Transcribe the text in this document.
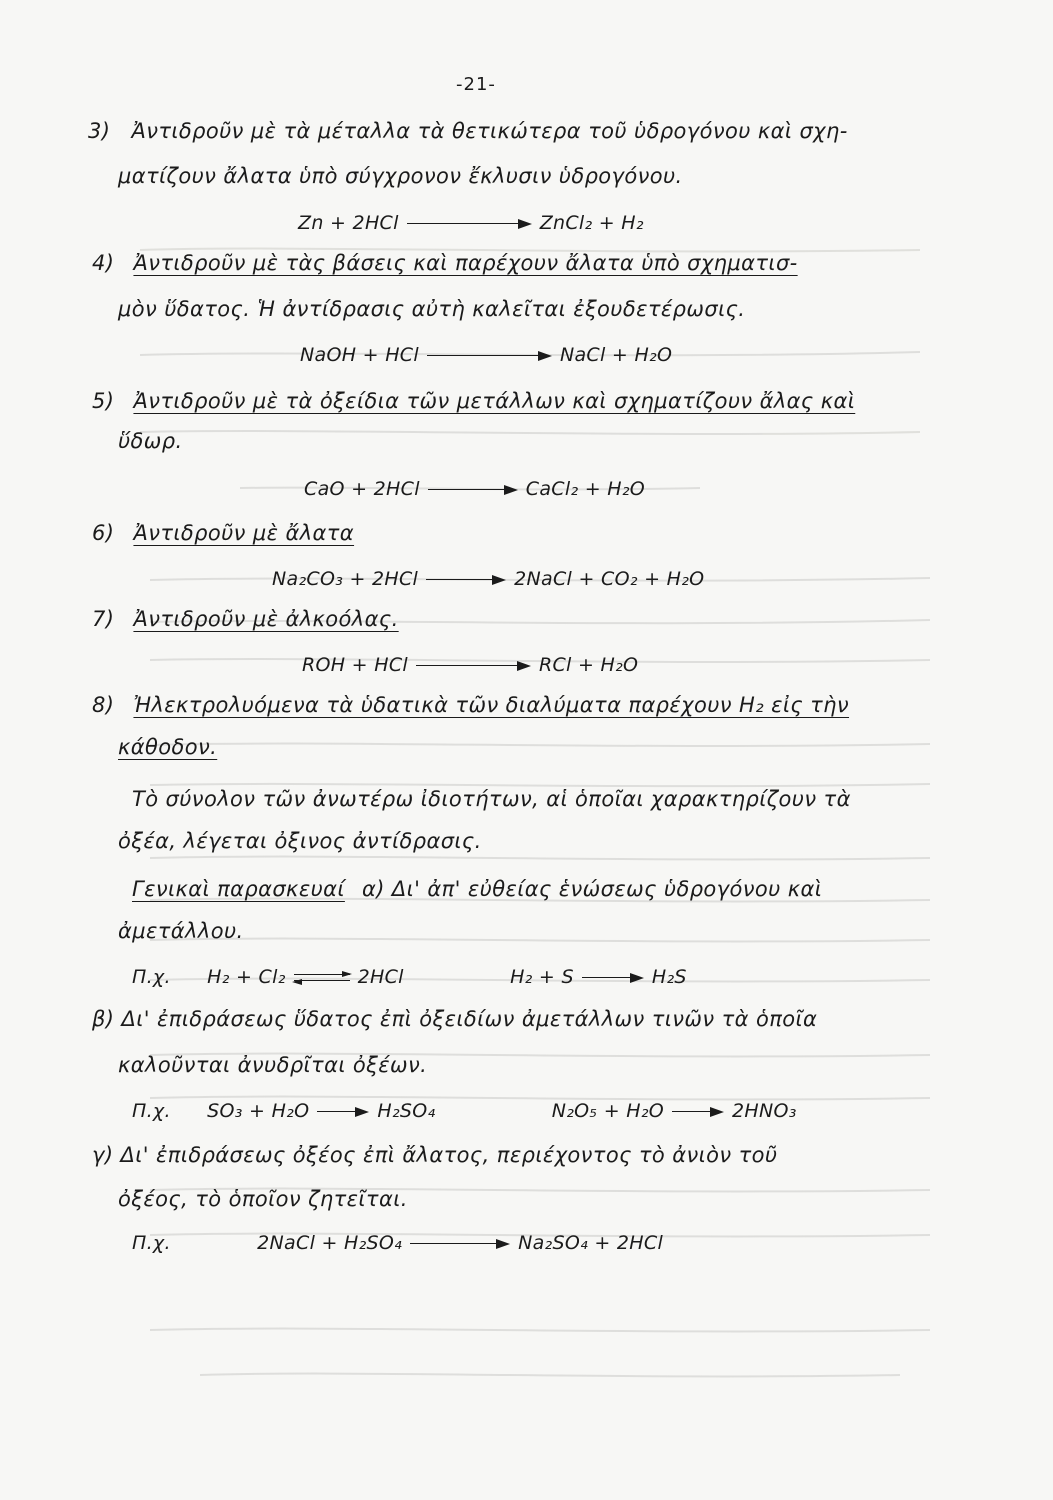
-21-
3) Ἀντιδροῦν μὲ τὰ μέταλλα τὰ θετικώτερα τοῦ ὑδρογόνου καὶ σχη-
ματίζουν ἄλατα ὑπὸ σύγχρονον ἔκλυσιν ὑδρογόνου.
Zn + 2HCl	ZnCl₂ + H₂
4) Ἀντιδροῦν μὲ τὰς βάσεις καὶ παρέχουν ἄλατα ὑπὸ σχηματισ-
μὸν ὕδατος. Ἡ ἀντίδρασις αὐτὴ καλεῖται ἐξουδετέρωσις.
NaOH + HCl	NaCl + H₂O
5) Ἀντιδροῦν μὲ τὰ ὀξείδια τῶν μετάλλων καὶ σχηματίζουν ἄλας καὶ
ὕδωρ.
CaO + 2HCl	CaCl₂ + H₂O
6) Ἀντιδροῦν μὲ ἄλατα
Na₂CO₃ + 2HCl	2NaCl + CO₂ + H₂O
7) Ἀντιδροῦν μὲ ἀλκοόλας.
ROH + HCl	RCl + H₂O
8) Ἠλεκτρολυόμενα τὰ ὑδατικὰ τῶν διαλύματα παρέχουν H₂ εἰς τὴν
κάθοδον.
Τὸ σύνολον τῶν ἀνωτέρω ἰδιοτήτων, αἱ ὁποῖαι χαρακτηρίζουν τὰ
ὀξέα, λέγεται ὀξινος ἀντίδρασις.
Γενικαὶ παρασκευαί α) Δι' ἀπ' εὐθείας ἑνώσεως ὑδρογόνου καὶ
ἀμετάλλου.
Π.χ. H₂ + Cl₂	2HCl	H₂ + S	H₂S
β) Δι' ἐπιδράσεως ὕδατος ἐπὶ ὀξειδίων ἀμετάλλων τινῶν τὰ ὁποῖα
καλοῦνται ἀνυδρῖται ὀξέων.
Π.χ. SO₃ + H₂O	H₂SO₄	N₂O₅ + H₂O	2HNO₃
γ) Δι' ἐπιδράσεως ὀξέος ἐπὶ ἄλατος, περιέχοντος τὸ ἀνιὸν τοῦ
ὀξέος, τὸ ὁποῖον ζητεῖται.
Π.χ.	2NaCl + H₂SO₄	Na₂SO₄ + 2HCl
